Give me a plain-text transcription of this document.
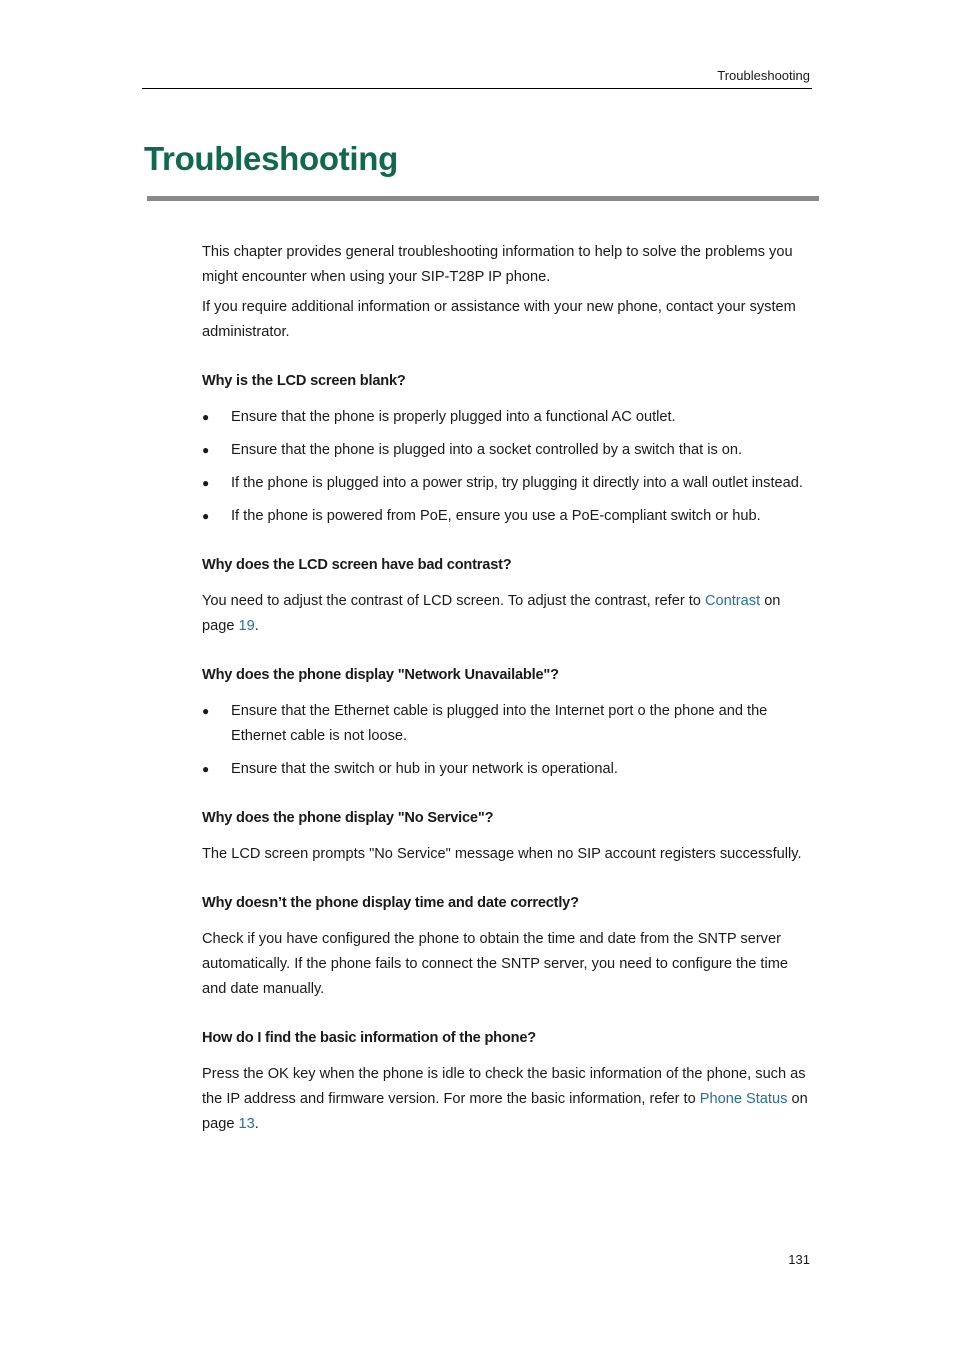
Troubleshooting
Troubleshooting

This chapter provides general troubleshooting information to help to solve the problems you might encounter when using your SIP-T28P IP phone.

If you require additional information or assistance with your new phone, contact your system administrator.

Why is the LCD screen blank?

● Ensure that the phone is properly plugged into a functional AC outlet.
● Ensure that the phone is plugged into a socket controlled by a switch that is on.
● If the phone is plugged into a power strip, try plugging it directly into a wall outlet instead.
● If the phone is powered from PoE, ensure you use a PoE-compliant switch or hub.

Why does the LCD screen have bad contrast?

You need to adjust the contrast of LCD screen. To adjust the contrast, refer to Contrast on page 19.

Why does the phone display "Network Unavailable"?

● Ensure that the Ethernet cable is plugged into the Internet port o the phone and the Ethernet cable is not loose.
● Ensure that the switch or hub in your network is operational.

Why does the phone display "No Service"?

The LCD screen prompts "No Service" message when no SIP account registers successfully.

Why doesn’t the phone display time and date correctly?

Check if you have configured the phone to obtain the time and date from the SNTP server automatically. If the phone fails to connect the SNTP server, you need to configure the time and date manually.

How do I find the basic information of the phone?

Press the OK key when the phone is idle to check the basic information of the phone, such as the IP address and firmware version. For more the basic information, refer to Phone Status on page 13.

131
